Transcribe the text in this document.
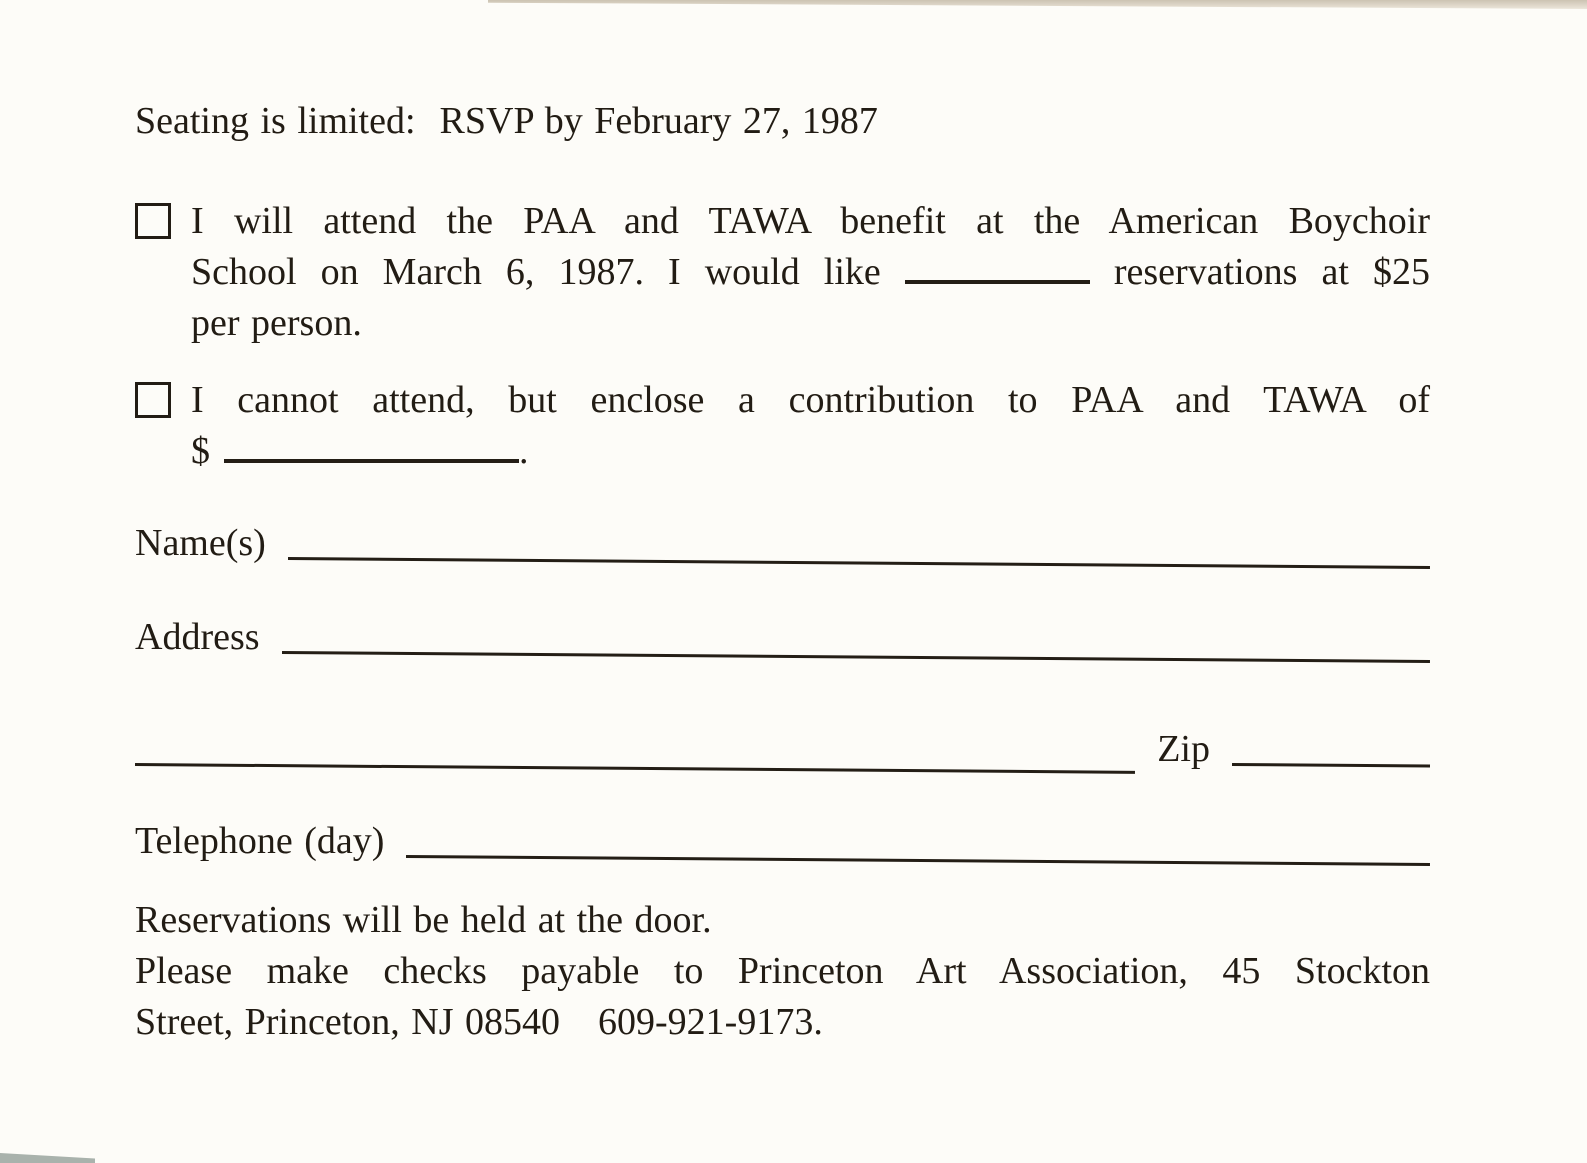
Seating is limited: RSVP by February 27, 1987
I will attend the PAA and TAWA benefit at the American Boychoir
School on March 6, 1987. I would like	reservations at $25
per person.
I cannot attend, but enclose a contribution to PAA and TAWA of
$	.
Name(s)
Address
Zip
Telephone (day)
Reservations will be held at the door.
Please make checks payable to Princeton Art Association, 45 Stockton
Street, Princeton, NJ 08540 609-921-9173.
